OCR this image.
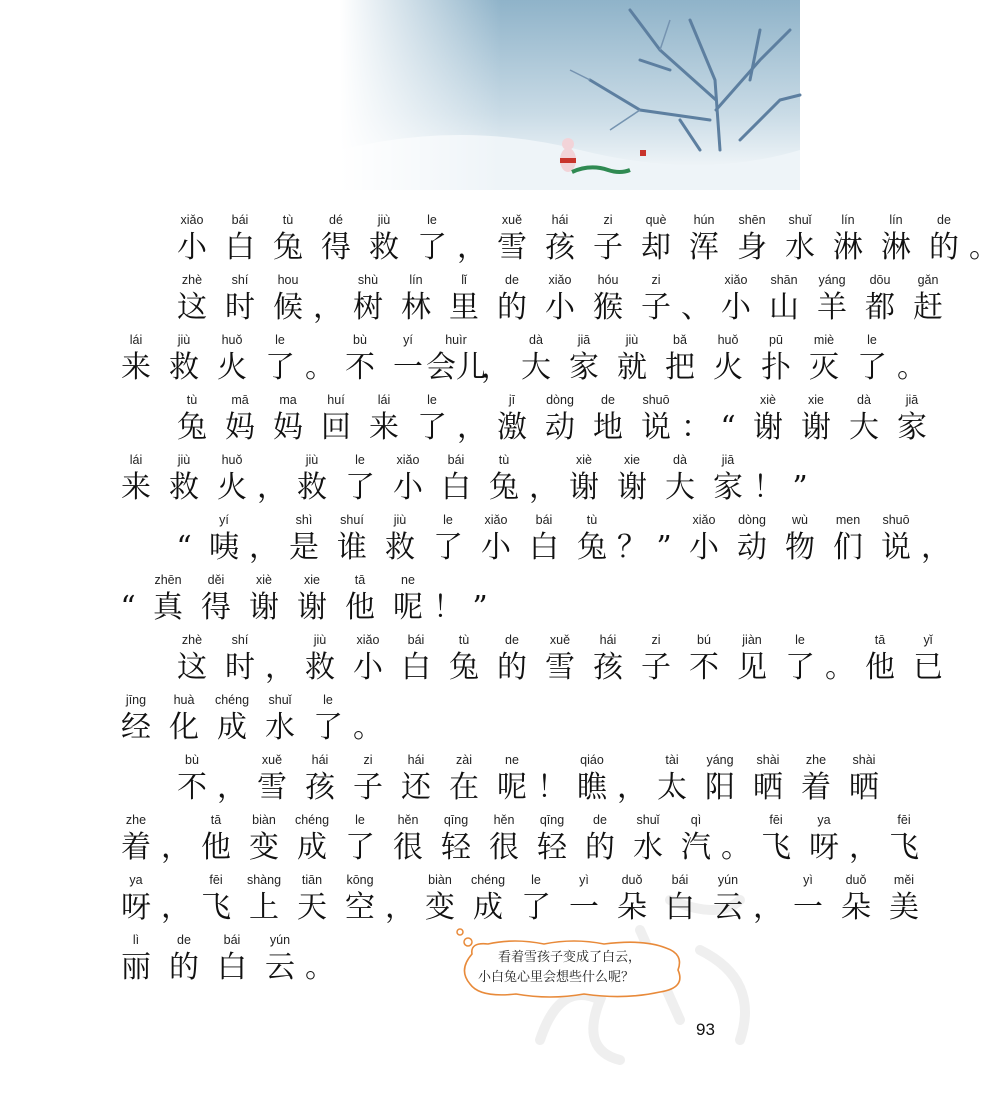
xiǎo
小
bái
白
tù
兔
dé
得
jiù
救
le
了 ，
xuě
雪
hái
孩
zi
子
què
却
hún
浑
shēn
身
shuǐ
水
lín
淋
lín
淋
de
的 。
zhè
这
shí
时
hou
候 ，
shù
树
lín
林
lǐ
里
de
的
xiǎo
小
hóu
猴
zi
子 、
xiǎo
小
shān
山
yáng
羊
dōu
都
gǎn
赶
lái
来
jiù
救
huǒ
火
le
了 。
bù
不
yí
一
huìr
会儿
，
dà
大
jiā
家
jiù
就
bǎ
把
huǒ
火
pū
扑
miè
灭
le
了 。
tù
兔
mā
妈
ma
妈
huí
回
lái
来
le
了 ，
jī
激
dòng
动
de
地
shuō
说 ： “
xiè
谢
xie
谢
dà
大
jiā
家
lái
来
jiù
救
huǒ
火 ，
jiù
救
le
了
xiǎo
小
bái
白
tù
兔 ，
xiè
谢
xie
谢
dà
大
jiā
家 ！ ”
“
yí
咦 ，
shì
是
shuí
谁
jiù
救
le
了
xiǎo
小
bái
白
tù
兔 ？ ”
xiǎo
小
dòng
动
wù
物
men
们
shuō
说 ，
“
zhēn
真
děi
得
xiè
谢
xie
谢
tā
他
ne
呢 ！ ”
zhè
这
shí
时 ，
jiù
救
xiǎo
小
bái
白
tù
兔
de
的
xuě
雪
hái
孩
zi
子
bú
不
jiàn
见
le
了 。
tā
他
yǐ
已
jīng
经
huà
化
chéng
成
shuǐ
水
le
了 。
bù
不 ，
xuě
雪
hái
孩
zi
子
hái
还
zài
在
ne
呢 ！
qiáo
瞧 ，
tài
太
yáng
阳
shài
晒
zhe
着
shài
晒
zhe
着 ，
tā
他
biàn
变
chéng
成
le
了
hěn
很
qīng
轻
hěn
很
qīng
轻
de
的
shuǐ
水
qì
汽 。
fēi
飞
ya
呀 ，
fēi
飞
ya
呀 ，
fēi
飞
shàng
上
tiān
天
kōng
空 ，
biàn
变
chéng
成
le
了
yì
一
duǒ
朵
bái
白
yún
云 ，
yì
一
duǒ
朵
měi
美
lì
丽
de
的
bái
白
yún
云 。	看着雪孩子变成了白云，
小白兔心里会想些什么呢？
93
